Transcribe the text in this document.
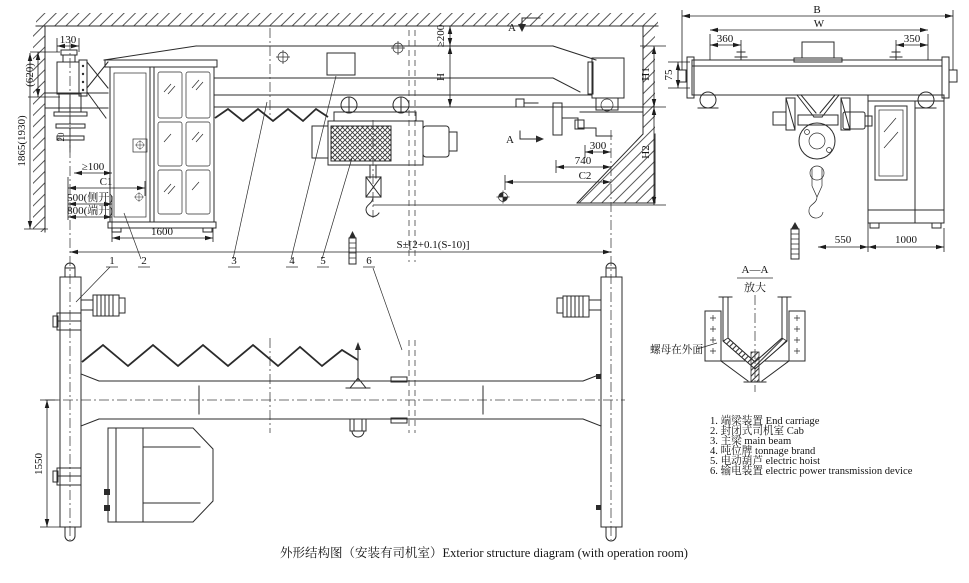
130
(620)
1865(1930)	20
≥100
C1
500(侧开)
800(端开)
1600
A
A
≥200
H	H1
H2
300
740
C2
S±[2+0.1(S-10)]
1 2	3	4 5	6
1550
B
W
360	350
75
550	1000
A—A
放大
螺母在外面
1. 端梁装置 End carriage
2. 封闭式司机室 Cab
3. 主梁 main beam
4. 吨位牌 tonnage brand
5. 电动葫芦 electric hoist
6. 输电装置 electric power transmission device
外形结构图（安装有司机室）Exterior structure diagram (with operation room)
